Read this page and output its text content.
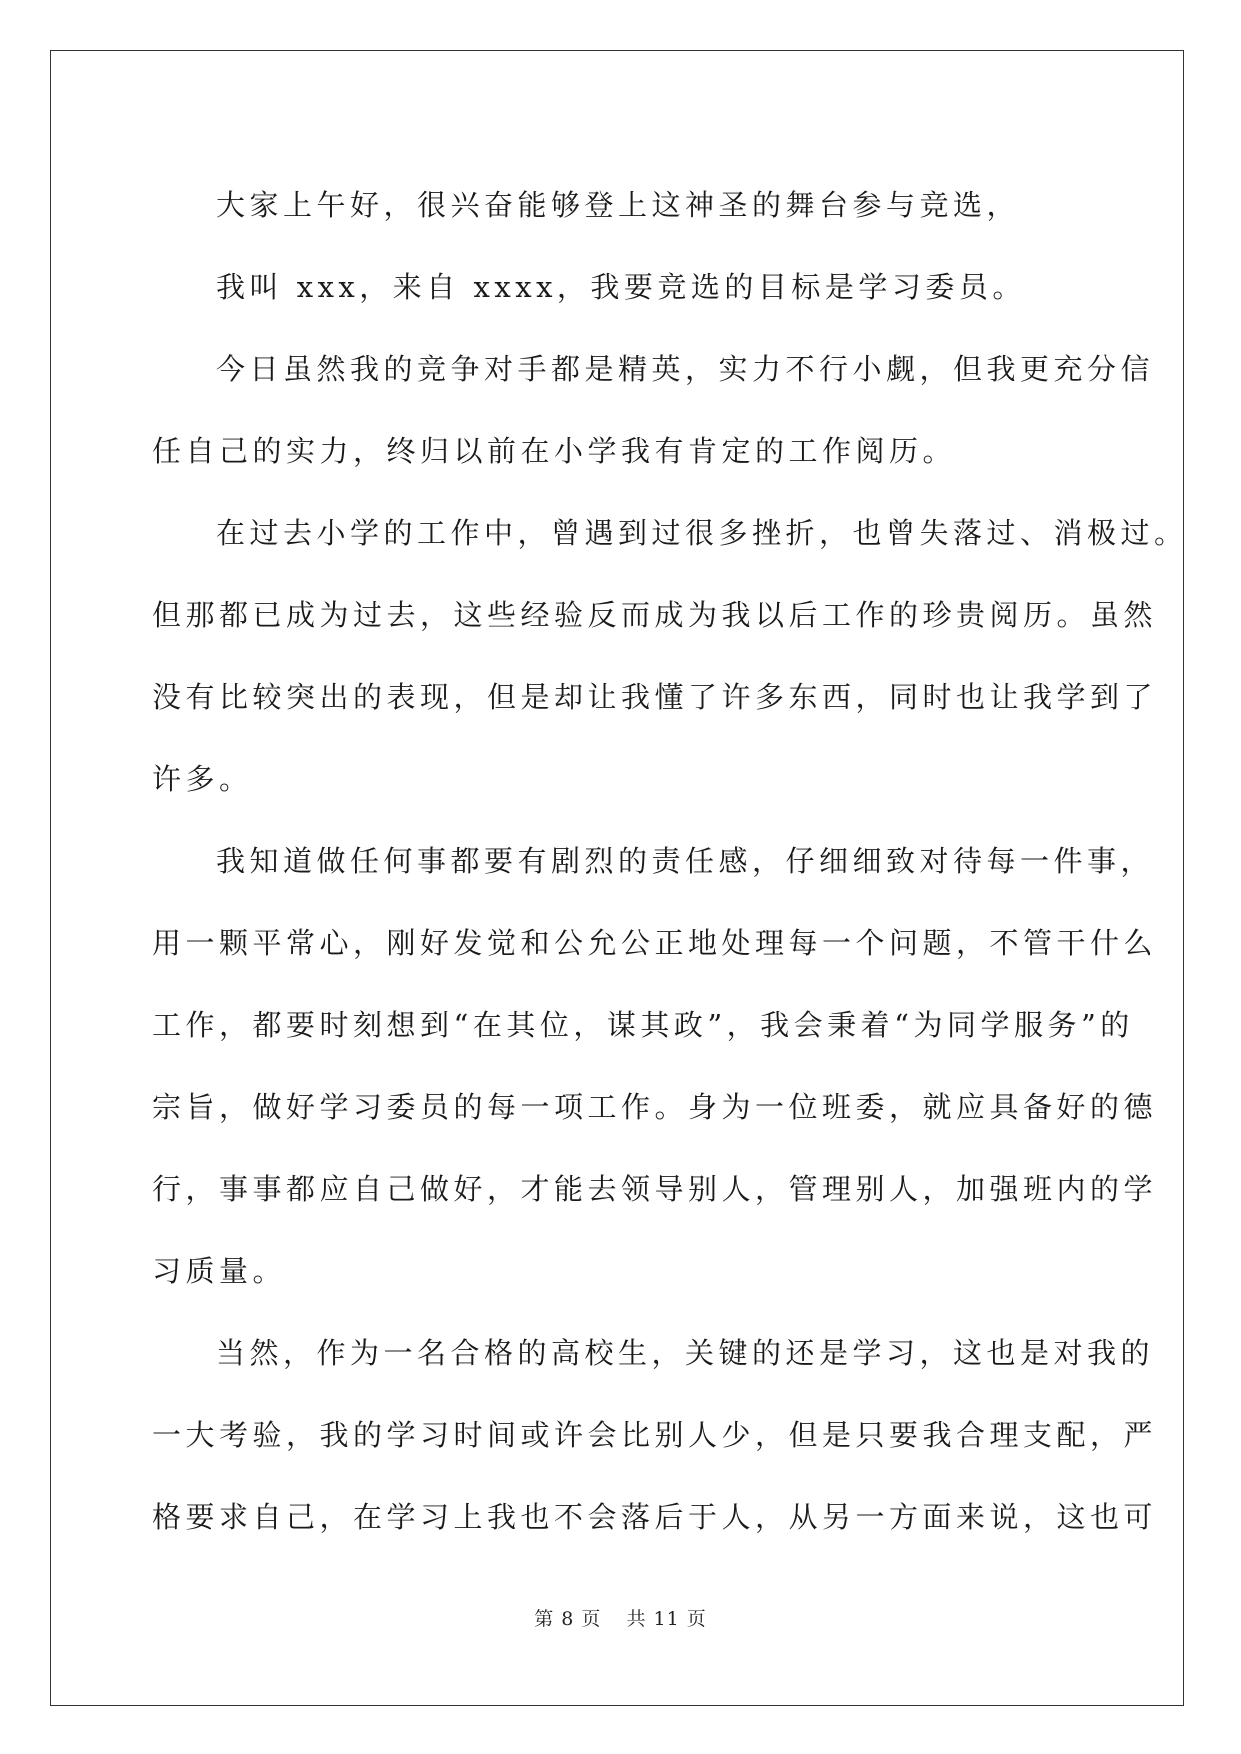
大家上午好，很兴奋能够登上这神圣的舞台参与竞选，
我叫 xxx，来自 xxxx，我要竞选的目标是学习委员。
今日虽然我的竞争对手都是精英，实力不行小觑，但我更充分信
任自己的实力，终归以前在小学我有肯定的工作阅历。
在过去小学的工作中，曾遇到过很多挫折，也曾失落过、消极过。
但那都已成为过去，这些经验反而成为我以后工作的珍贵阅历。虽然
没有比较突出的表现，但是却让我懂了许多东西，同时也让我学到了
许多。
我知道做任何事都要有剧烈的责任感，仔细细致对待每一件事，
用一颗平常心，刚好发觉和公允公正地处理每一个问题，不管干什么
工作，都要时刻想到“在其位，谋其政”，我会秉着“为同学服务”的
宗旨，做好学习委员的每一项工作。身为一位班委，就应具备好的德
行，事事都应自己做好，才能去领导别人，管理别人，加强班内的学
习质量。
当然，作为一名合格的高校生，关键的还是学习，这也是对我的
一大考验，我的学习时间或许会比别人少，但是只要我合理支配，严
格要求自己，在学习上我也不会落后于人，从另一方面来说，这也可
第 8 页 共 11 页
